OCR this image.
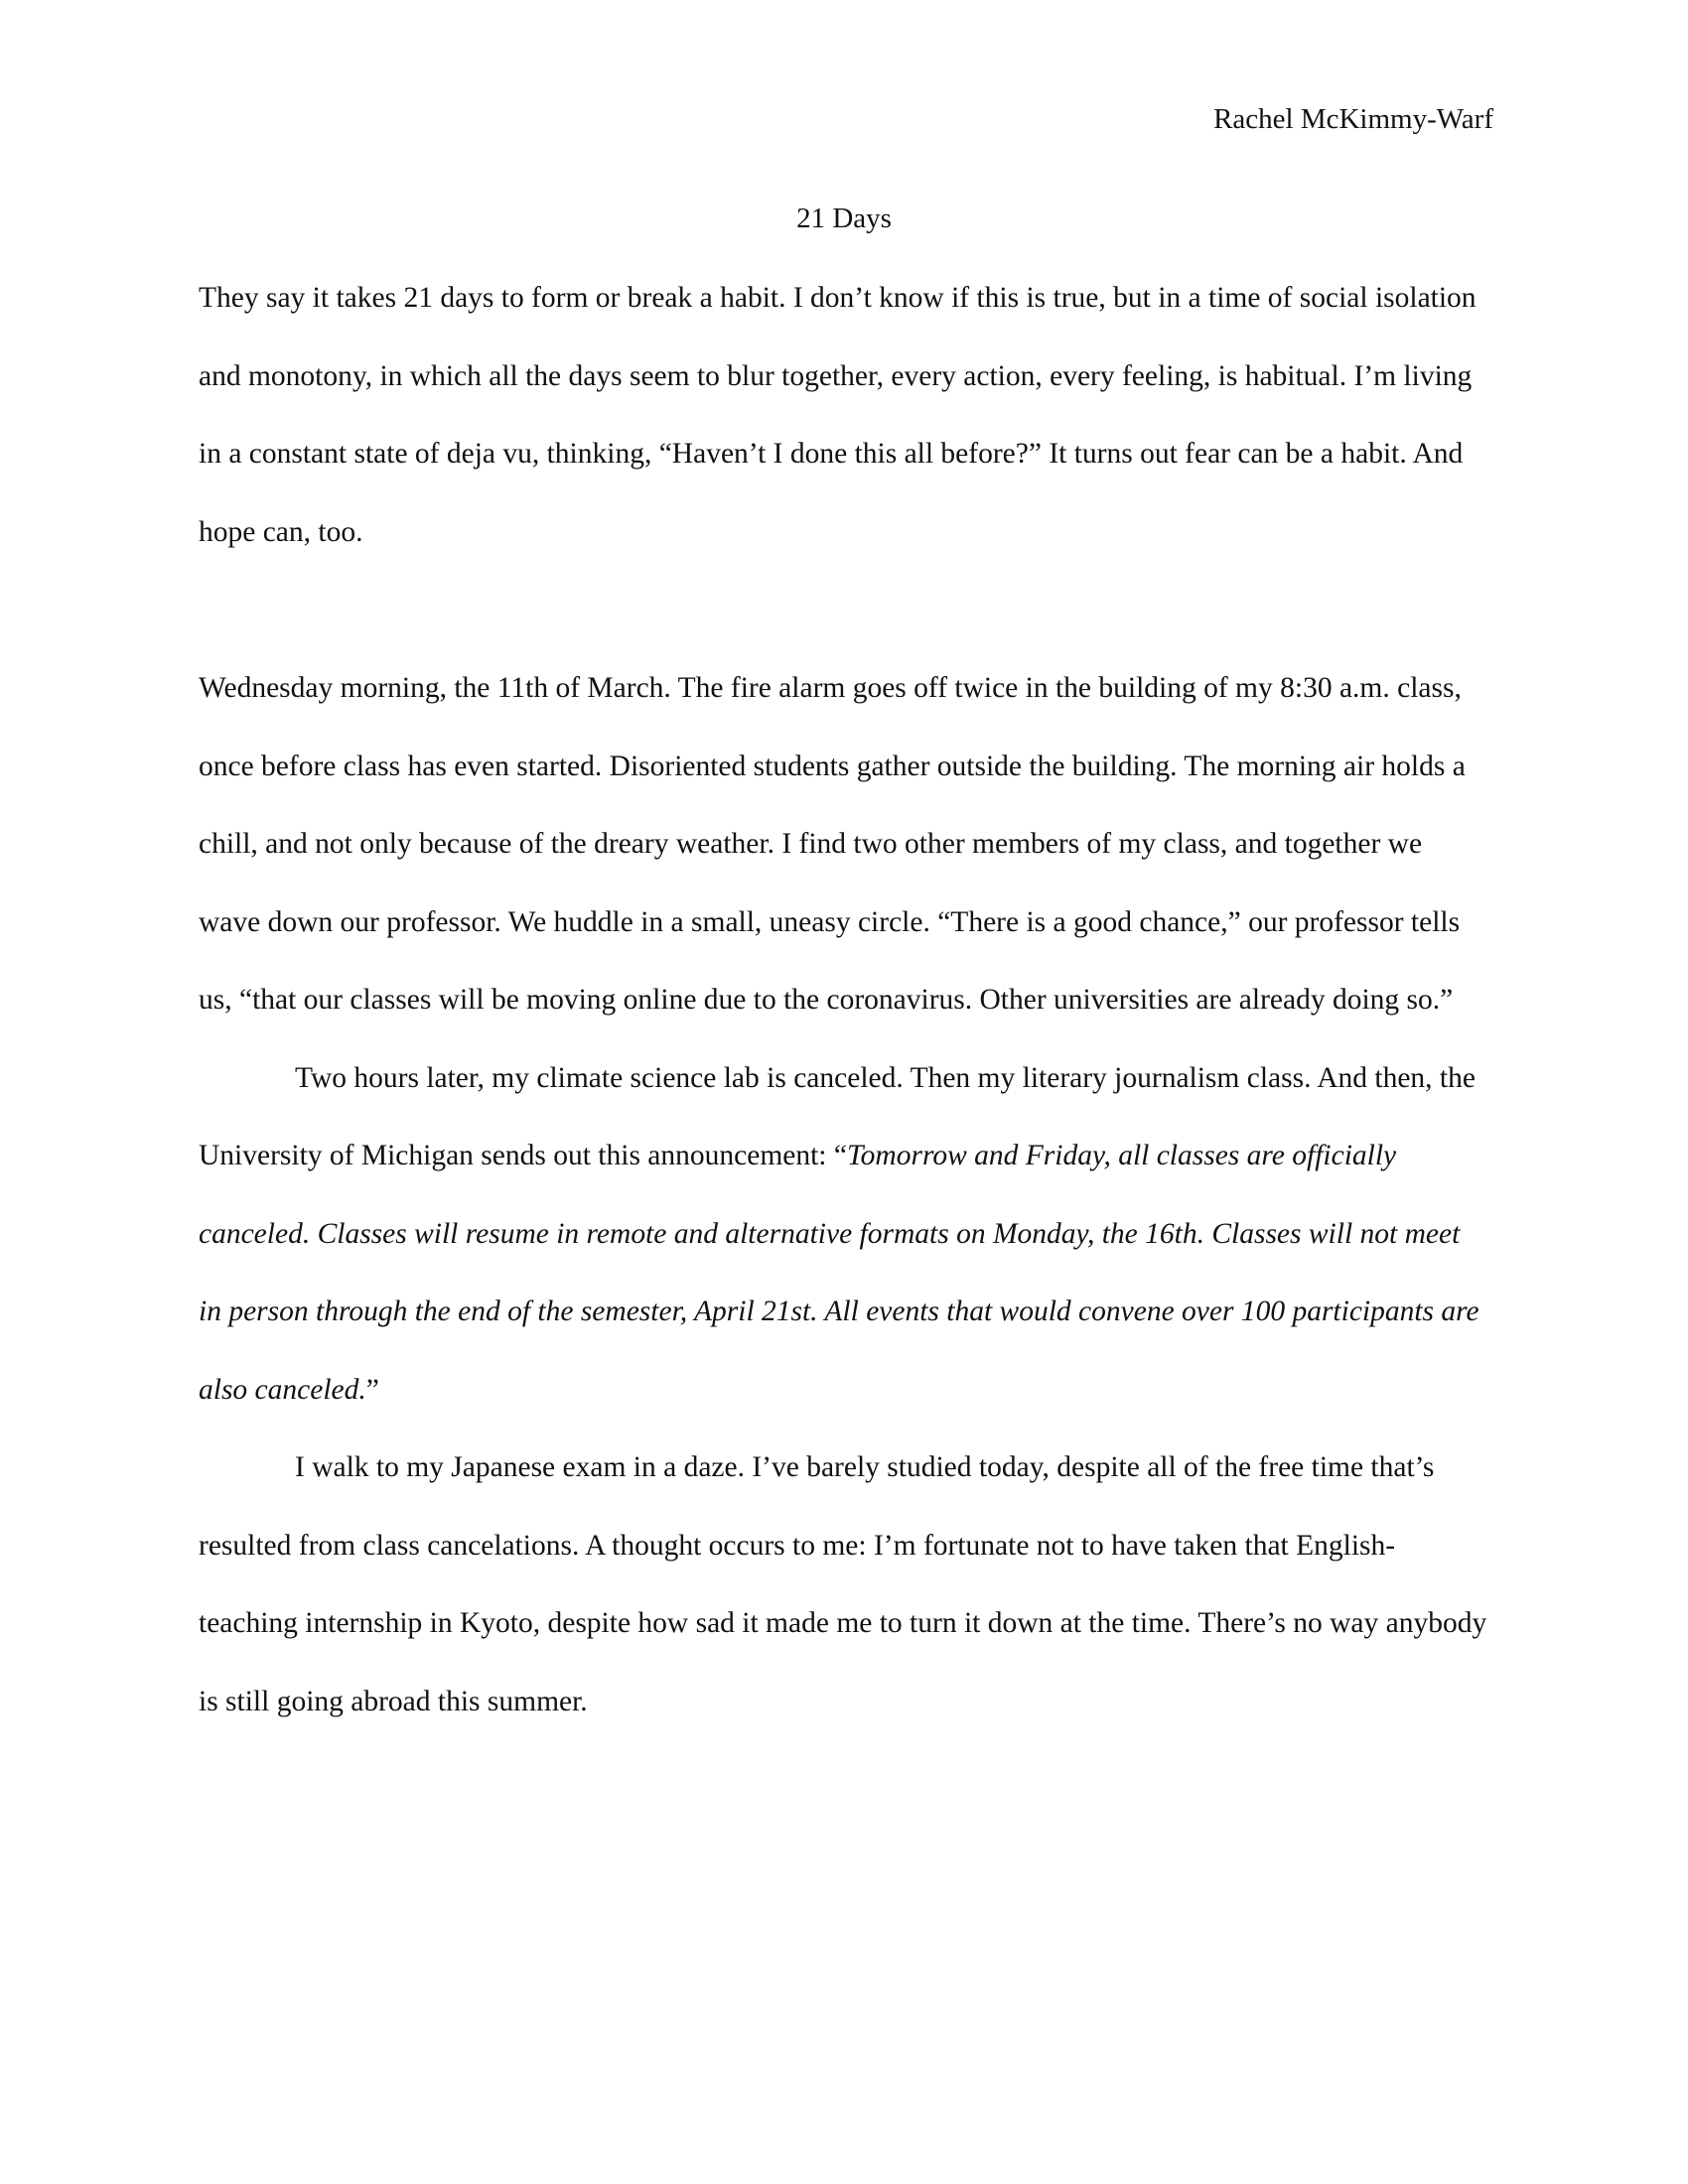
Rachel McKimmy-Warf
21 Days

They say it takes 21 days to form or break a habit. I don’t know if this is true, but in a time of social isolation and monotony, in which all the days seem to blur together, every action, every feeling, is habitual. I’m living in a constant state of deja vu, thinking, “Haven’t I done this all before?” It turns out fear can be a habit. And hope can, too.

Wednesday morning, the 11th of March. The fire alarm goes off twice in the building of my 8:30 a.m. class, once before class has even started. Disoriented students gather outside the building. The morning air holds a chill, and not only because of the dreary weather. I find two other members of my class, and together we wave down our professor. We huddle in a small, uneasy circle. “There is a good chance,” our professor tells us, “that our classes will be moving online due to the coronavirus. Other universities are already doing so.”

Two hours later, my climate science lab is canceled. Then my literary journalism class. And then, the University of Michigan sends out this announcement: “Tomorrow and Friday, all classes are officially canceled. Classes will resume in remote and alternative formats on Monday, the 16th. Classes will not meet in person through the end of the semester, April 21st. All events that would convene over 100 participants are also canceled.”

I walk to my Japanese exam in a daze. I’ve barely studied today, despite all of the free time that’s resulted from class cancelations. A thought occurs to me: I’m fortunate not to have taken that English-teaching internship in Kyoto, despite how sad it made me to turn it down at the time. There’s no way anybody is still going abroad this summer.
